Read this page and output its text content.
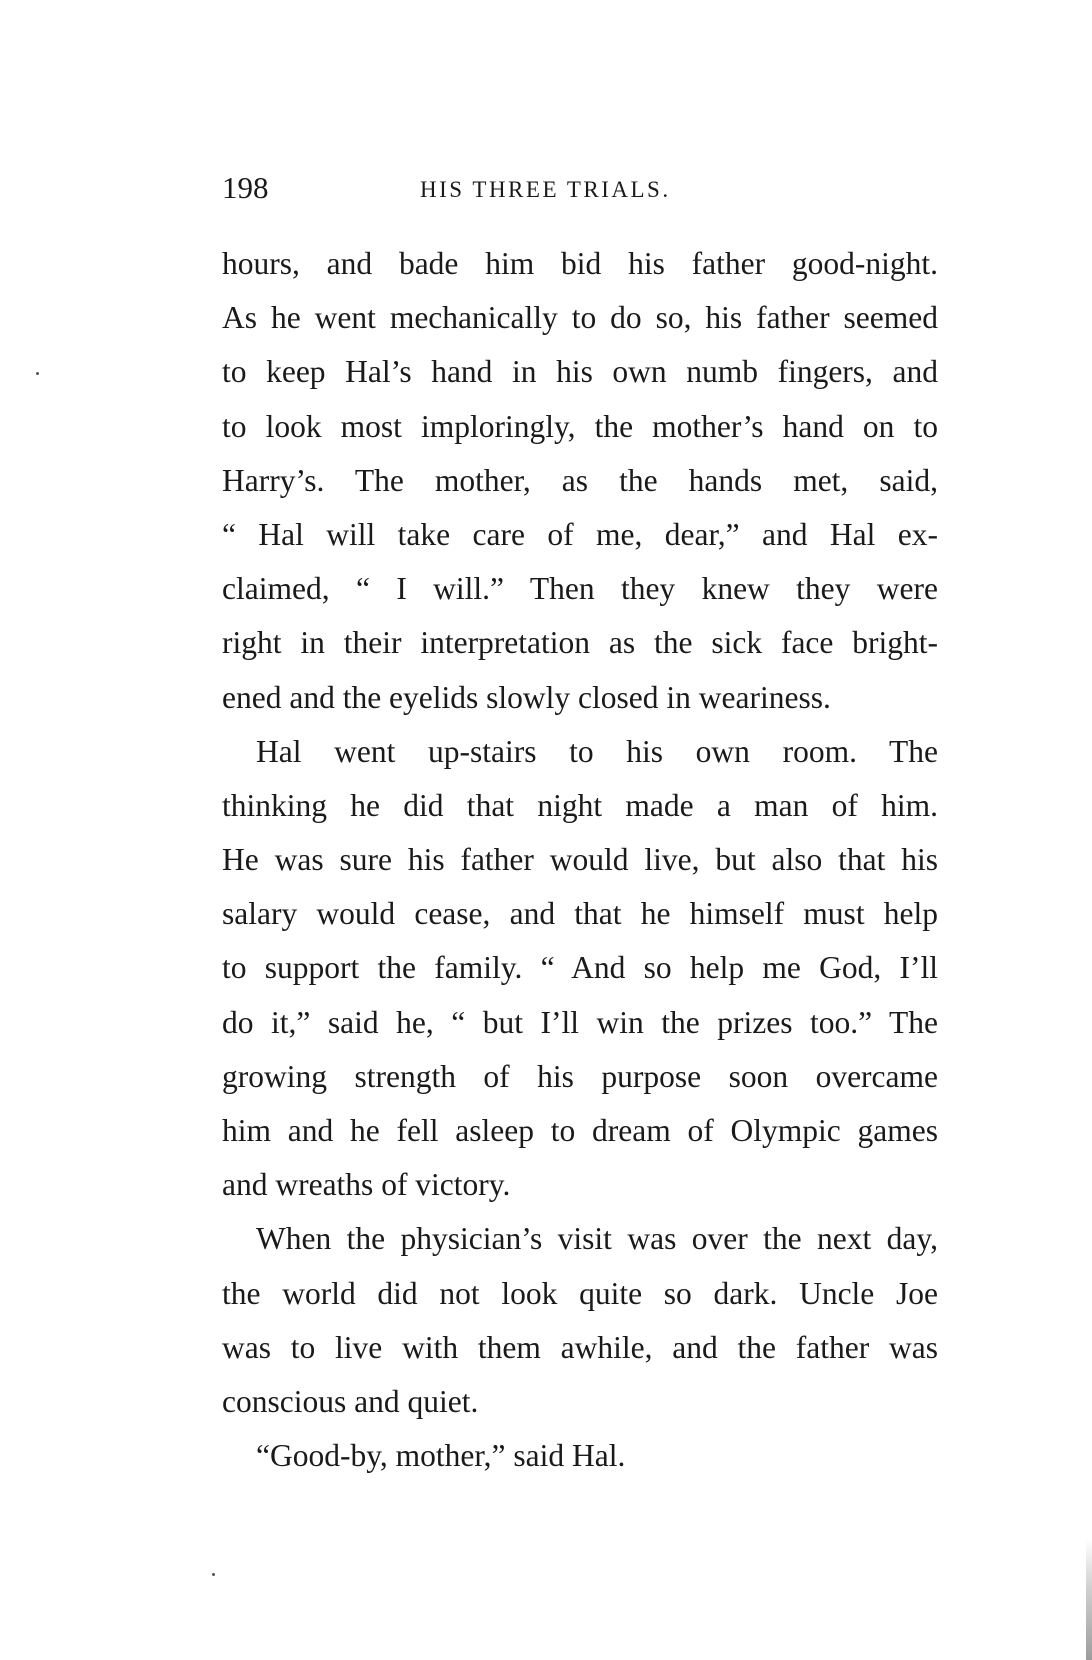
198	HIS THREE TRIALS.
hours, and bade him bid his father good-night.
As he went mechanically to do so, his father seemed
to keep Hal’s hand in his own numb fingers, and
to look most imploringly, the mother’s hand on to
Harry’s. The mother, as the hands met, said,
“ Hal will take care of me, dear,” and Hal ex-
claimed, “ I will.” Then they knew they were
right in their interpretation as the sick face bright-
ened and the eyelids slowly closed in weariness.
Hal went up-stairs to his own room. The
thinking he did that night made a man of him.
He was sure his father would live, but also that his
salary would cease, and that he himself must help
to support the family. “ And so help me God, I’ll
do it,” said he, “ but I’ll win the prizes too.” The
growing strength of his purpose soon overcame
him and he fell asleep to dream of Olympic games
and wreaths of victory.
When the physician’s visit was over the next day,
the world did not look quite so dark. Uncle Joe
was to live with them awhile, and the father was
conscious and quiet.
“Good-by, mother,” said Hal.
